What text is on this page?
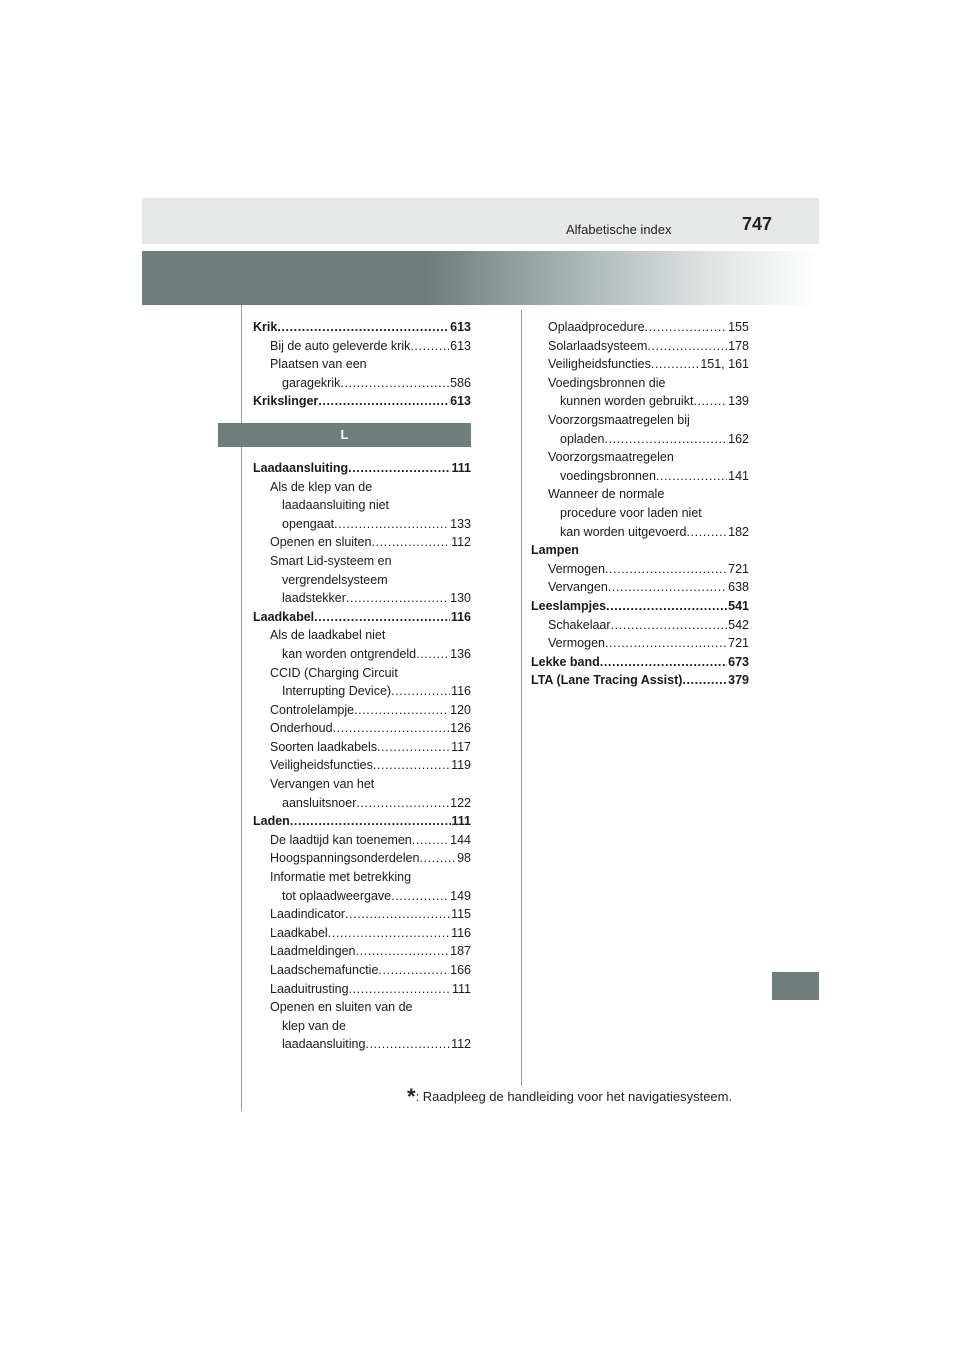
Alfabetische index	747
Krik .....	613
Bij de auto geleverde krik .....	613
Plaatsen van een
garagekrik .....	586
Krikslinger .....	613
L
Laadaansluiting .....	111
Als de klep van de
laadaansluiting niet
opengaat .....	133
Openen en sluiten .....	112
Smart Lid-systeem en
vergrendelsysteem
laadstekker .....	130
Laadkabel .....	116
Als de laadkabel niet
kan worden ontgrendeld .....	136
CCID (Charging Circuit
Interrupting Device) .....	116
Controlelampje .....	120
Onderhoud .....	126
Soorten laadkabels .....	117
Veiligheidsfuncties .....	119
Vervangen van het
aansluitsnoer .....	122
Laden .....	111
De laadtijd kan toenemen .....	144
Hoogspanningsonderdelen .....	98
Informatie met betrekking
tot oplaadweergave .....	149
Laadindicator .....	115
Laadkabel .....	116
Laadmeldingen .....	187
Laadschemafunctie .....	166
Laaduitrusting .....	111
Openen en sluiten van de
klep van de
laadaansluiting .....	112
Oplaadprocedure .....	155
Solarlaadsysteem .....	178
Veiligheidsfuncties .....	151, 161
Voedingsbronnen die
kunnen worden gebruikt .....	139
Voorzorgsmaatregelen bij
opladen .....	162
Voorzorgsmaatregelen
voedingsbronnen .....	141
Wanneer de normale
procedure voor laden niet
kan worden uitgevoerd .....	182
Lampen
Vermogen .....	721
Vervangen .....	638
Leeslampjes .....	541
Schakelaar .....	542
Vermogen .....	721
Lekke band .....	673
LTA (Lane Tracing Assist) .....	379
*: Raadpleeg de handleiding voor het navigatiesysteem.
